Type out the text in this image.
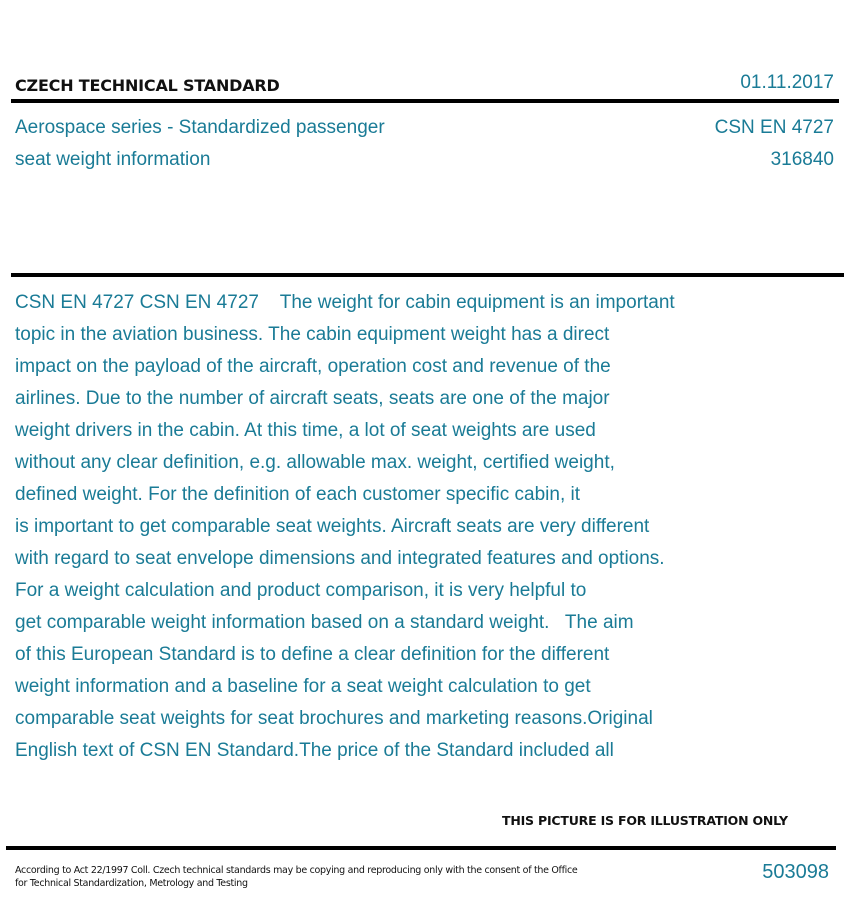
CZECH TECHNICAL STANDARD	01.11.2017
Aerospace series - Standardized passenger
seat weight information
CSN EN 4727
316840
CSN EN 4727 CSN EN 4727    The weight for cabin equipment is an important
topic in the aviation business. The cabin equipment weight has a direct
impact on the payload of the aircraft, operation cost and revenue of the
airlines. Due to the number of aircraft seats, seats are one of the major
weight drivers in the cabin. At this time, a lot of seat weights are used
without any clear definition, e.g. allowable max. weight, certified weight,
defined weight. For the definition of each customer specific cabin, it
is important to get comparable seat weights. Aircraft seats are very different
with regard to seat envelope dimensions and integrated features and options.
For a weight calculation and product comparison, it is very helpful to
get comparable weight information based on a standard weight.   The aim
of this European Standard is to define a clear definition for the different
weight information and a baseline for a seat weight calculation to get
comparable seat weights for seat brochures and marketing reasons.Original
English text of CSN EN Standard.The price of the Standard included all
THIS PICTURE IS FOR ILLUSTRATION ONLY
According to Act 22/1997 Coll. Czech technical standards may be copying and reproducing only with the consent of the Office
for Technical Standardization, Metrology and Testing
503098
